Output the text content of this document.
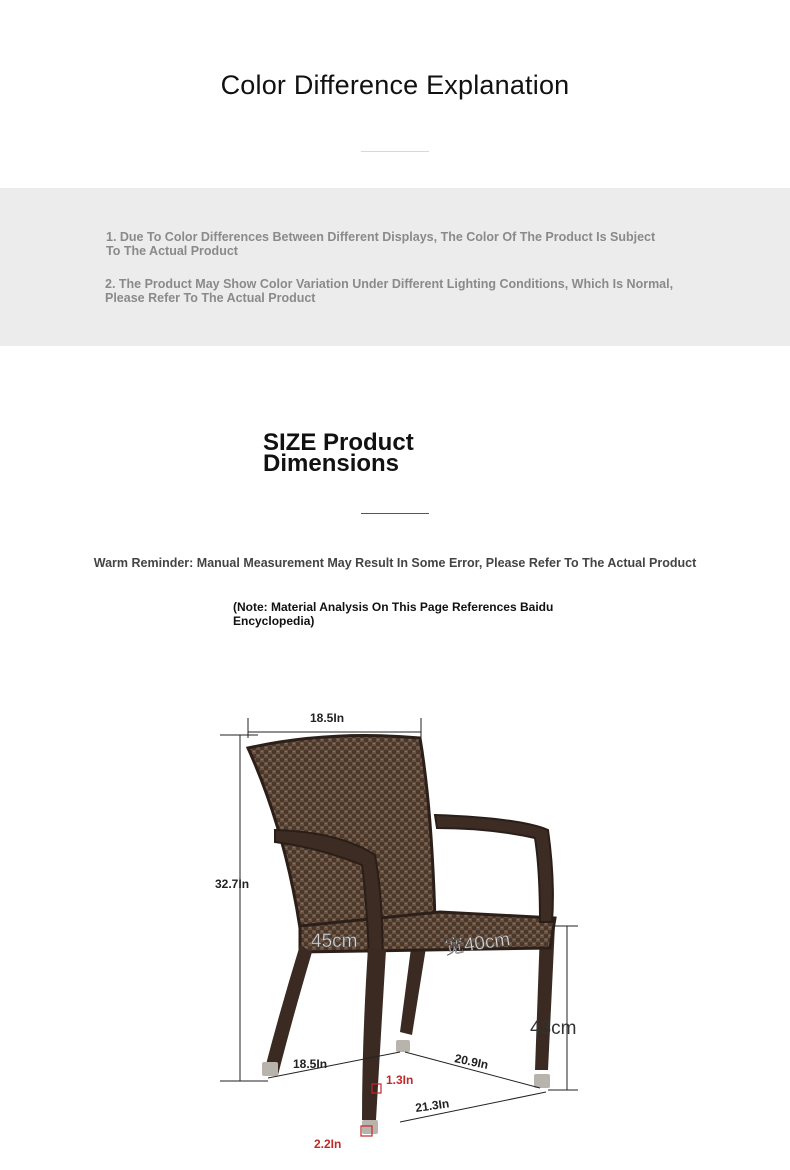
Color Difference Explanation
1. Due To Color Differences Between Different Displays, The Color Of The Product Is Subject To The Actual Product
2. The Product May Show Color Variation Under Different Lighting Conditions, Which Is Normal, Please Refer To The Actual Product
SIZE Product Dimensions
Warm Reminder: Manual Measurement May Result In Some Error, Please Refer To The Actual Product
(Note: Material Analysis On This Page References Baidu Encyclopedia)
18.5In
32.7In
45cm	宽40cm
43cm
18.5In	20.9In
21.3In
1.3In
2.2In
